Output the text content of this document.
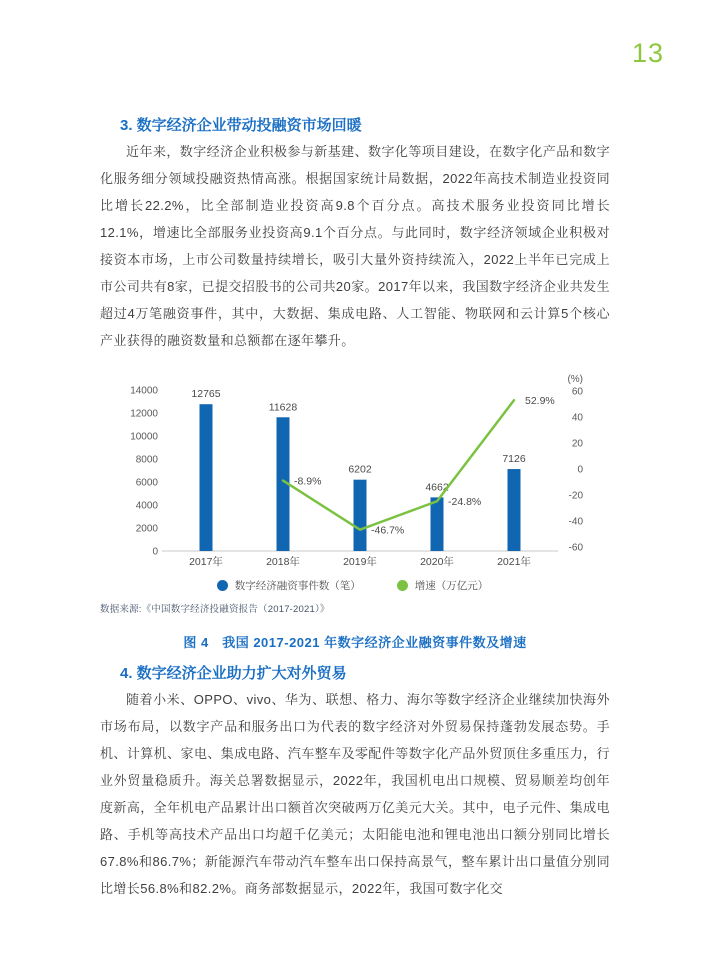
13
3. 数字经济企业带动投融资市场回暖

近年来，数字经济企业积极参与新基建、数字化等项目建设，在数字化产品和数字化服务细分领域投融资热情高涨。根据国家统计局数据，2022年高技术制造业投资同比增长22.2%，比全部制造业投资高9.8个百分点。高技术服务业投资同比增长12.1%，增速比全部服务业投资高9.1个百分点。与此同时，数字经济领域企业积极对接资本市场，上市公司数量持续增长，吸引大量外资持续流入，2022上半年已完成上市公司共有8家，已提交招股书的公司共20家。2017年以来，我国数字经济企业共发生超过4万笔融资事件，其中，大数据、集成电路、人工智能、物联网和云计算5个核心产业获得的融资数量和总额都在逐年攀升。

0
2000
4000
6000
8000
10000
12000
14000
(%)
60
40
20
0
-20
-40
-60
12765
11628
6202
4662
7126
2017年	2018年	2019年	2020年	2021年
-8.9%
-46.7%
-24.8%
52.9%
数字经济融资事件数（笔）	增速（万亿元）
数据来源:《中国数字经济投融资报告（2017-2021）》

图 4　我国 2017-2021 年数字经济企业融资事件数及增速

4. 数字经济企业助力扩大对外贸易

随着小米、OPPO、vivo、华为、联想、格力、海尔等数字经济企业继续加快海外市场布局，以数字产品和服务出口为代表的数字经济对外贸易保持蓬勃发展态势。手机、计算机、家电、集成电路、汽车整车及零配件等数字化产品外贸顶住多重压力，行业外贸量稳质升。海关总署数据显示，2022年，我国机电出口规模、贸易顺差均创年度新高，全年机电产品累计出口额首次突破两万亿美元大关。其中，电子元件、集成电路、手机等高技术产品出口均超千亿美元；太阳能电池和锂电池出口额分别同比增长67.8%和86.7%；新能源汽车带动汽车整车出口保持高景气，整车累计出口量值分别同比增长56.8%和82.2%。商务部数据显示，2022年，我国可数字化交
